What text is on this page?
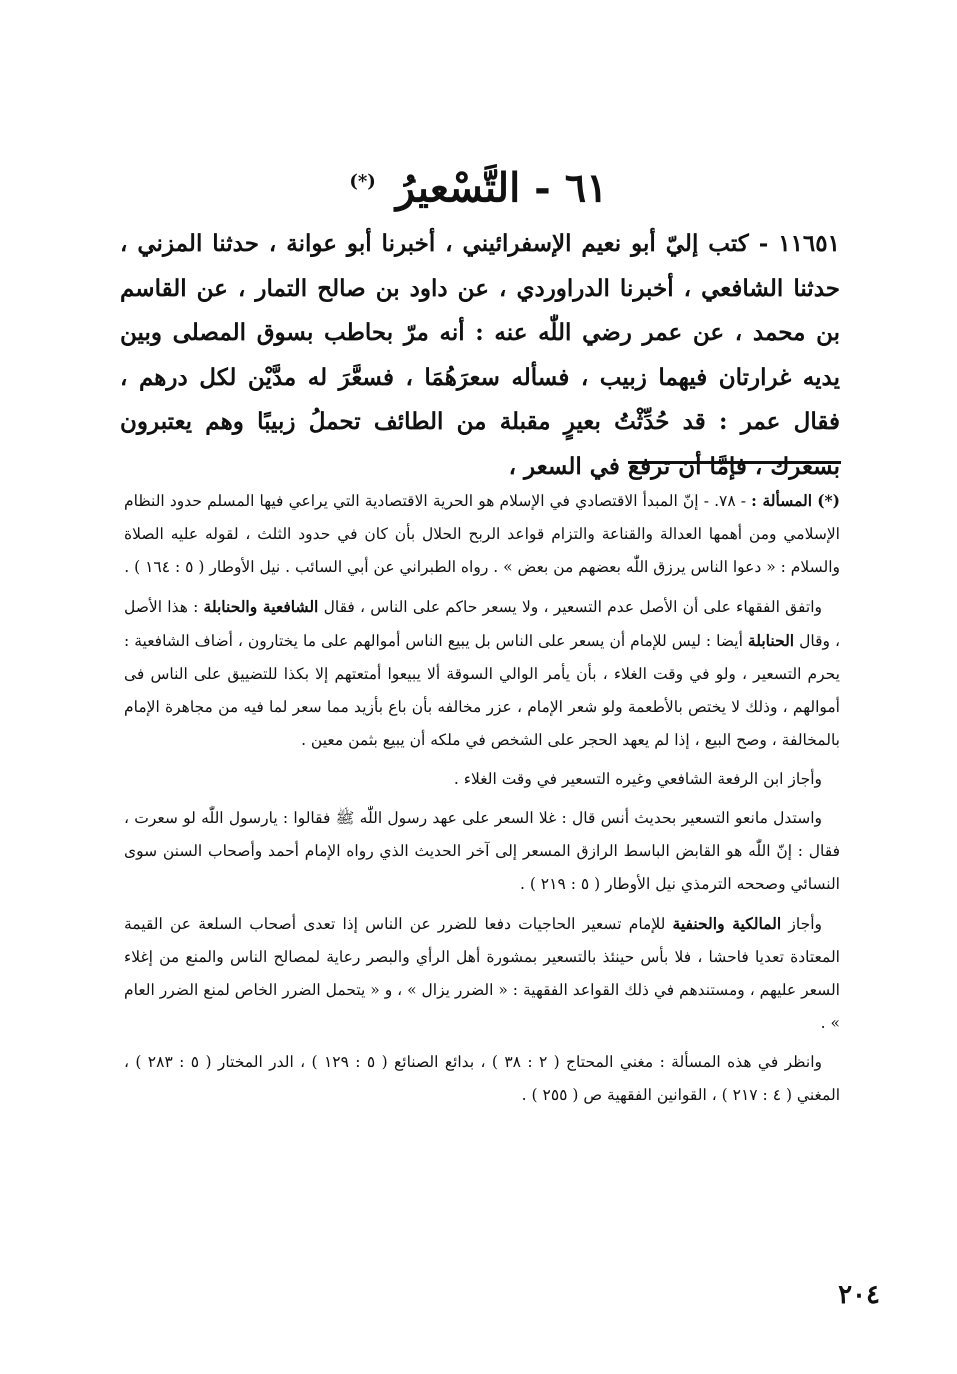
٦١ - التَّسْعيرُ (*)

١١٦٥١ - كتب إليّ أبو نعيم الإسفرائيني ، أخبرنا أبو عوانة ، حدثنا المزني ، حدثنا الشافعي ، أخبرنا الدراوردي ، عن داود بن صالح التمار ، عن القاسم بن محمد ، عن عمر رضي اللّٰه عنه : أنه مرّ بحاطب بسوق المصلى وبين يديه غرارتان فيهما زبيب ، فسأله سعرَهُمَا ، فسعَّرَ له مدَّيْن لكل درهم ، فقال عمر : قد حُدِّثْتُ بعيرٍ مقبلة من الطائف تحملُ زبيبًا وهم يعتبرون بسعرك ، فإمَّا أن ترفع في السعر ،

(*) المسألة : - ٧٨. - إنّ المبدأ الاقتصادي في الإسلام هو الحرية الاقتصادية التي يراعي فيها المسلم حدود النظام الإسلامي ومن أهمها العدالة والقناعة والتزام قواعد الربح الحلال بأن كان في حدود الثلث ، لقوله عليه الصلاة والسلام : « دعوا الناس يرزق اللّٰه بعضهم من بعض » . رواه الطبراني عن أبي السائب . نيل الأوطار ( ٥ : ١٦٤ ) .

واتفق الفقهاء على أن الأصل عدم التسعير ، ولا يسعر حاكم على الناس ، فقال الشافعية والحنابلة : هذا الأصل ، وقال الحنابلة أيضا : ليس للإمام أن يسعر على الناس بل يبيع الناس أموالهم على ما يختارون ، أضاف الشافعية : يحرم التسعير ، ولو في وقت الغلاء ، بأن يأمر الوالي السوقة ألا يبيعوا أمتعتهم إلا بكذا للتضييق على الناس فى أموالهم ، وذلك لا يختص بالأطعمة ولو شعر الإمام ، عزر مخالفه بأن باع بأزيد مما سعر لما فيه من مجاهرة الإمام بالمخالفة ، وصح البيع ، إذا لم يعهد الحجر على الشخص في ملكه أن يبيع بثمن معين .

وأجاز ابن الرفعة الشافعي وغيره التسعير في وقت الغلاء .

واستدل مانعو التسعير بحديث أنس قال : غلا السعر على عهد رسول اللّٰه ﷺ فقالوا : يارسول اللّٰه لو سعرت ، فقال : إنّ اللّٰه هو القابض الباسط الرازق المسعر إلى آخر الحديث الذي رواه الإمام أحمد وأصحاب السنن سوى النسائي وصححه الترمذي نيل الأوطار ( ٥ : ٢١٩ ) .

وأجاز المالكية والحنفية للإمام تسعير الحاجيات دفعا للضرر عن الناس إذا تعدى أصحاب السلعة عن القيمة المعتادة تعديا فاحشا ، فلا بأس حينئذ بالتسعير بمشورة أهل الرأي والبصر رعاية لمصالح الناس والمنع من إغلاء السعر عليهم ، ومستندهم في ذلك القواعد الفقهية : « الضرر يزال » ، و « يتحمل الضرر الخاص لمنع الضرر العام » .

وانظر في هذه المسألة : مغني المحتاج ( ٢ : ٣٨ ) ، بدائع الصنائع ( ٥ : ١٢٩ ) ، الدر المختار ( ٥ : ٢٨٣ ) ، المغني ( ٤ : ٢١٧ ) ، القوانين الفقهية ص ( ٢٥٥ ) .

٢٠٤
